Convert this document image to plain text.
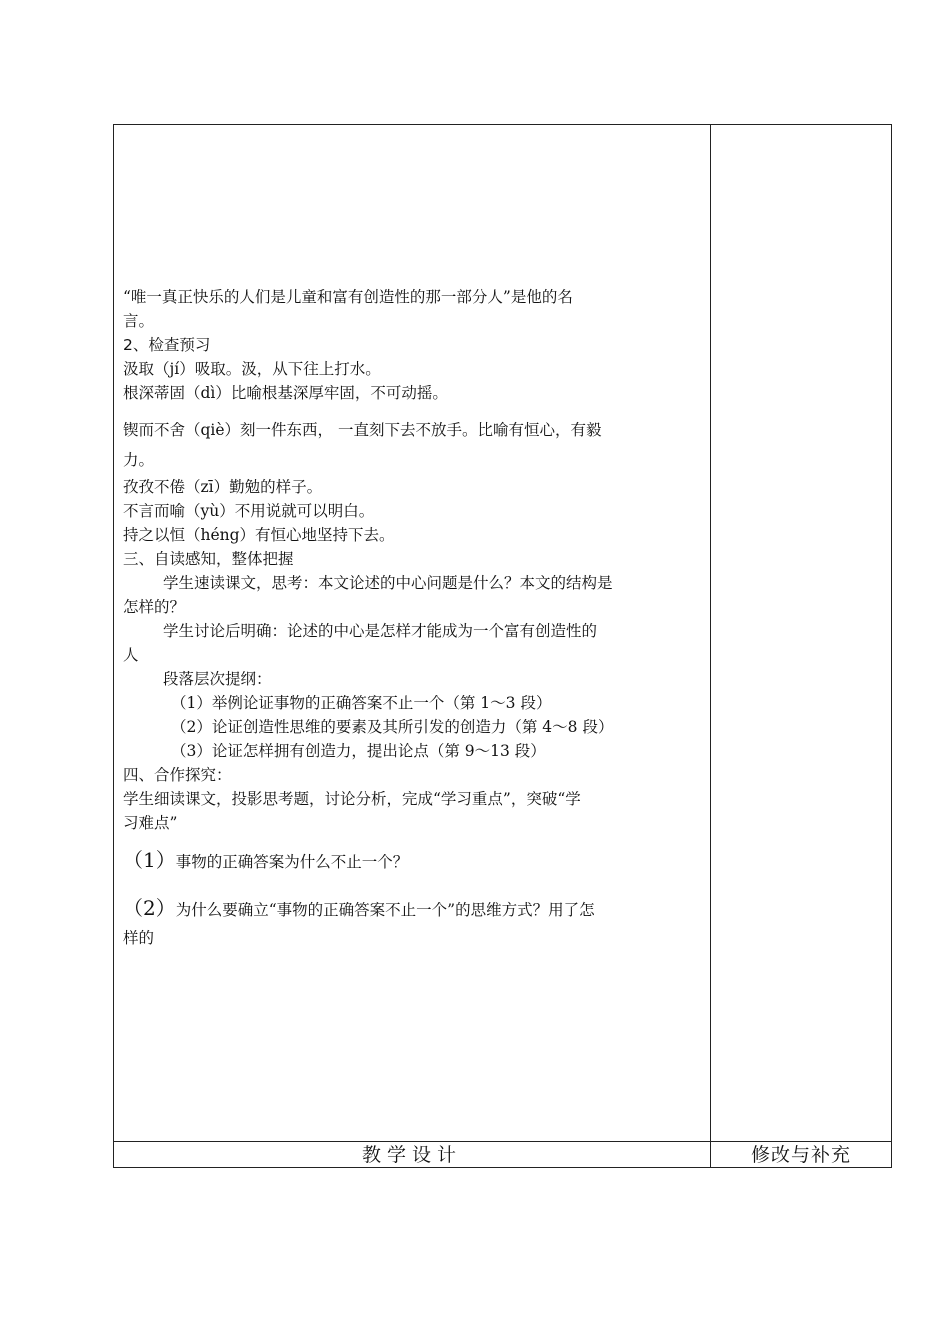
“唯一真正快乐的人们是儿童和富有创造性的那一部分人”是他的名
言。
2、检查预习
汲取（jí）吸取。汲，从下往上打水。
根深蒂固（dì）比喻根基深厚牢固，不可动摇。
锲而不舍（qiè）刻一件东西， 一直刻下去不放手。比喻有恒心，有毅
力。
孜孜不倦（zī）勤勉的样子。
不言而喻（yù）不用说就可以明白。
持之以恒（héng）有恒心地坚持下去。
三、自读感知，整体把握
学生速读课文，思考：本文论述的中心问题是什么？本文的结构是
怎样的？
学生讨论后明确：论述的中心是怎样才能成为一个富有创造性的
人
段落层次提纲：
（1）举例论证事物的正确答案不止一个（第 1～3 段）
（2）论证创造性思维的要素及其所引发的创造力（第 4～8 段）
（3）论证怎样拥有创造力，提出论点（第 9～13 段）
四、合作探究：
学生细读课文，投影思考题，讨论分析，完成“学习重点”，突破“学
习难点”
（1）事物的正确答案为什么不止一个？
（2）为什么要确立“事物的正确答案不止一个”的思维方式？用了怎
样的
教学设计	修改与补充
